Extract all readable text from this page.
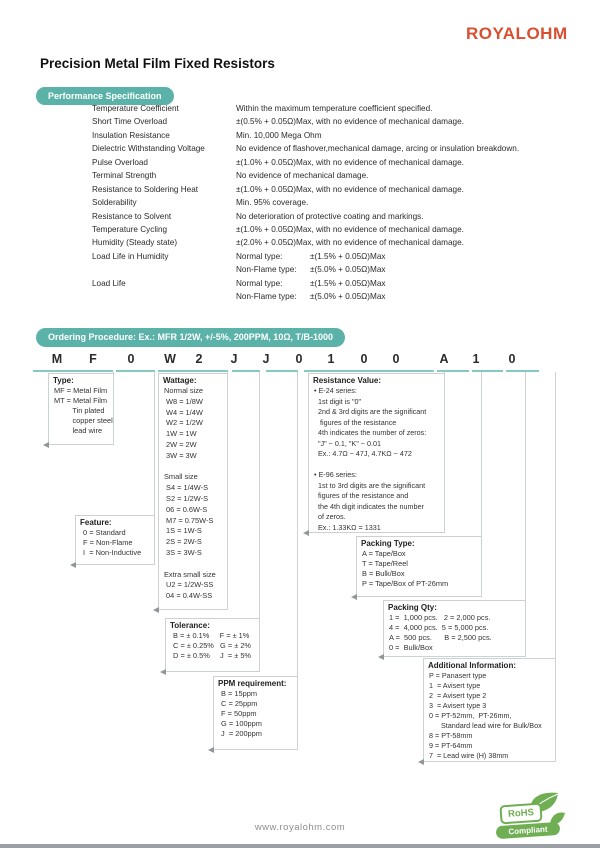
ROYALOHM
Precision Metal Film Fixed Resistors
Performance Specification
Temperature Coefficient	Within the maximum temperature coefficient specified.
Short Time Overload	±(0.5% + 0.05Ω)Max, with no evidence of mechanical damage.
Insulation Resistance	Min. 10,000 Mega Ohm
Dielectric Withstanding Voltage	No evidence of flashover,mechanical damage, arcing or insulation breakdown.
Pulse Overload	±(1.0% + 0.05Ω)Max, with no evidence of mechanical damage.
Terminal Strength	No evidence of mechanical damage.
Resistance to Soldering Heat	±(1.0% + 0.05Ω)Max, with no evidence of mechanical damage.
Solderability	Min. 95% coverage.
Resistance to Solvent	No deterioration of protective coating and markings.
Temperature Cycling	±(1.0% + 0.05Ω)Max, with no evidence of mechanical damage.
Humidity (Steady state)	±(2.0% + 0.05Ω)Max, with no evidence of mechanical damage.
Load Life in Humidity	Normal type:	±(1.5% + 0.05Ω)Max
Non-Flame type:	±(5.0% + 0.05Ω)Max
Load Life	Normal type:	±(1.5% + 0.05Ω)Max
Non-Flame type:	±(5.0% + 0.05Ω)Max
Ordering Procedure: Ex.: MFR 1/2W, +/-5%, 200PPM, 10Ω, T/B-1000
M F 0 W 2 J J 0 1 0 0	A 1 0
Type:
MF = Metal Film
MT = Metal Film
Tin plated
copper steel
lead wire
Feature:
0 = Standard
F = Non-Flame
I  = Non-Inductive
Wattage:
Normal size
W8 = 1/8W
W4 = 1/4W
W2 = 1/2W
1W = 1W
2W = 2W
3W = 3W
Small size
S4 = 1/4W-S
S2 = 1/2W-S
06 = 0.6W-S
M7 = 0.75W-S
1S = 1W-S
2S = 2W-S
3S = 3W-S
Extra small size
U2 = 1/2W-SS
04 = 0.4W-SS
Tolerance:
B = ± 0.1%     F = ± 1%
C = ± 0.25%   G = ± 2%
D = ± 0.5%     J  = ± 5%
PPM requirement:
B = 15ppm
C = 25ppm
F = 50ppm
G = 100ppm
J  = 200ppm
Resistance Value:
• E-24 series:
1st digit is "0"
2nd & 3rd digits are the significant
figures of the resistance
4th indicates the number of zeros:
"J" ~ 0.1, "K" ~ 0.01
Ex.: 4.7Ω ~ 47J, 4.7KΩ ~ 472
• E-96 series:
1st to 3rd digits are the significant
figures of the resistance and
the 4th digit indicates the number
of zeros.
Ex.: 1.33KΩ = 1331
Packing Type:
A = Tape/Box
T = Tape/Reel
B = Bulk/Box
P = Tape/Box of PT-26mm
Packing Qty:
1 =  1,000 pcs.   2 = 2,000 pcs.
4 =  4,000 pcs.  5 = 5,000 pcs.
A =  500 pcs.      B = 2,500 pcs.
0 =  Bulk/Box
Additional Information:
P = Panasert type
1  = Avisert type
2  = Avisert type 2
3  = Avisert type 3
0 = PT-52mm,  PT-26mm,
Standard lead wire for Bulk/Box
8 = PT-58mm
9 = PT-64mm
7  = Lead wire (H) 38mm
www.royalohm.com
RoHS
Compliant
